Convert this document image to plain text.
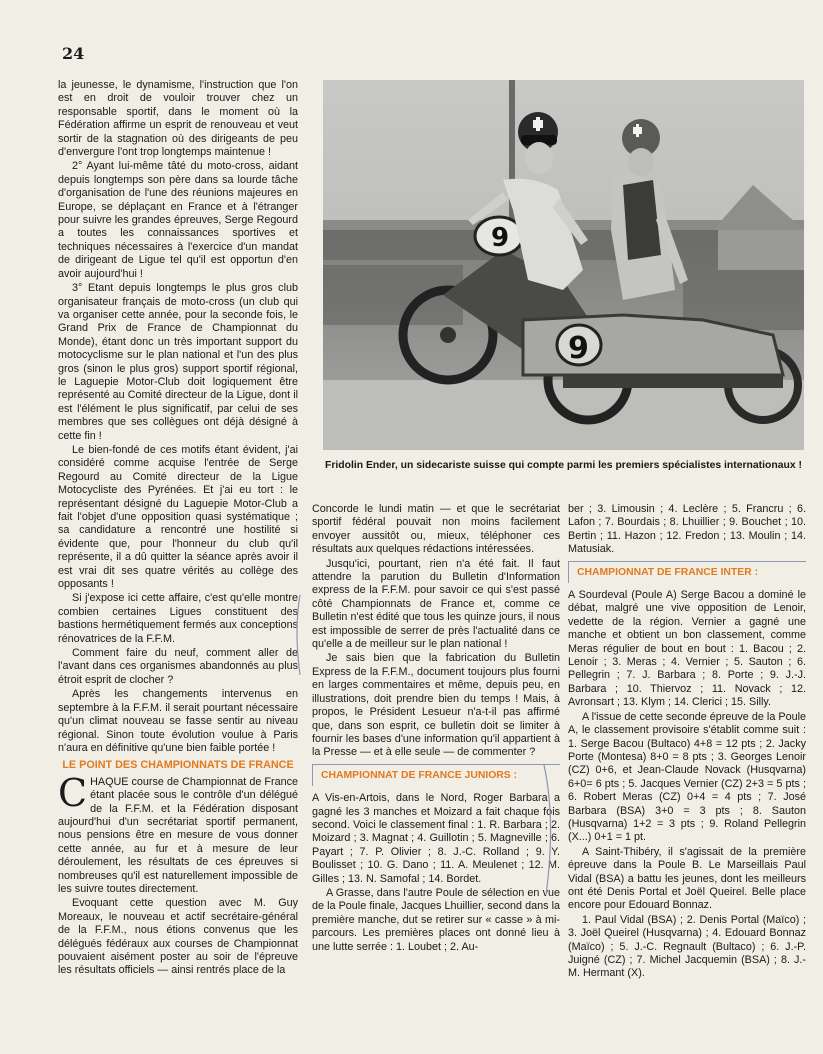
24

la jeunesse, le dynamisme, l'instruction que l'on est en droit de vouloir trouver chez un responsable sportif, dans le moment où la Fédération affirme un esprit de renouveau et veut sortir de la stagnation où des dirigeants de peu d'envergure l'ont trop longtemps maintenue !

2° Ayant lui-même tâté du moto-cross, aidant depuis longtemps son père dans sa lourde tâche d'organisation de l'une des réunions majeures en Europe, se déplaçant en France et à l'étranger pour suivre les grandes épreuves, Serge Regourd a toutes les connaissances sportives et techniques nécessaires à l'exercice d'un mandat de dirigeant de Ligue tel qu'il est opportun d'en avoir aujourd'hui !

3° Etant depuis longtemps le plus gros club organisateur français de moto-cross (un club qui va organiser cette année, pour la seconde fois, le Grand Prix de France de Championnat du Monde), étant donc un très important support du motocyclisme sur le plan national et l'un des plus gros (sinon le plus gros) support sportif régional, le Laguepie Motor-Club doit logiquement être représenté au Comité directeur de la Ligue, dont il est l'élément le plus significatif, par celui de ses membres que ses collègues ont déjà désigné à cette fin !

Le bien-fondé de ces motifs étant évident, j'ai considéré comme acquise l'entrée de Serge Regourd au Comité directeur de la Ligue Motocycliste des Pyrénées. Et j'ai eu tort : le représentant désigné du Laguepie Motor-Club a fait l'objet d'une opposition quasi systématique ; sa candidature a rencontré une hostilité si évidente que, pour l'honneur du club qu'il représente, il a dû quitter la séance après avoir il est vrai dit ses quatre vérités au collège des opposants !

Si j'expose ici cette affaire, c'est qu'elle montre combien certaines Ligues constituent des bastions hermétiquement fermés aux conceptions rénovatrices de la F.F.M.

Comment faire du neuf, comment aller de l'avant dans ces organismes abandonnés au plus étroit esprit de clocher ?

Après les changements intervenus en septembre à la F.F.M. il serait pourtant nécessaire qu'un climat nouveau se fasse sentir au niveau régional. Sinon toute évolution voulue à Paris n'aura en définitive qu'une bien faible portée !

LE POINT DES CHAMPIONNATS DE FRANCE

CHAQUE course de Championnat de France étant placée sous le contrôle d'un délégué de la F.F.M. et la Fédération disposant aujourd'hui d'un secrétariat sportif permanent, nous pensions être en mesure de vous donner cette année, au fur et à mesure de leur déroulement, les résultats de ces épreuves si nombreuses qu'il est naturellement impossible de les suivre toutes directement.

Evoquant cette question avec M. Guy Moreaux, le nouveau et actif secrétaire-général de la F.F.M., nous étions convenus que les délégués fédéraux aux courses de Championnat pouvaient aisément poster au soir de l'épreuve les résultats officiels — ainsi rentrés place de la

9
9
Fridolin Ender, un sidecariste suisse qui compte parmi les premiers spécialistes internationaux !

Concorde le lundi matin — et que le secrétariat sportif fédéral pouvait non moins facilement envoyer aussitôt ou, mieux, téléphoner ces résultats aux quelques rédactions intéressées.

Jusqu'ici, pourtant, rien n'a été fait. Il faut attendre la parution du Bulletin d'Information express de la F.F.M. pour savoir ce qui s'est passé côté Championnats de France et, comme ce Bulletin n'est édité que tous les quinze jours, il nous est impossible de serrer de près l'actualité dans ce qu'elle a de meilleur sur le plan national !

Je sais bien que la fabrication du Bulletin Express de la F.F.M., document toujours plus fourni en larges commentaires et même, depuis peu, en illustrations, doit prendre bien du temps ! Mais, à propos, le Président Lesueur n'a-t-il pas affirmé que, dans son esprit, ce bulletin doit se limiter à fournir les bases d'une information qu'il appartient à la Presse — et à elle seule — de commenter ?

CHAMPIONNAT DE FRANCE JUNIORS :

A Vis-en-Artois, dans le Nord, Roger Barbara a gagné les 3 manches et Moizard a fait chaque fois second. Voici le classement final : 1. R. Barbara ; 2. Moizard ; 3. Magnat ; 4. Guillotin ; 5. Magneville ; 6. Payart ; 7. P. Olivier ; 8. J.-C. Rolland ; 9. Y. Boulisset ; 10. G. Dano ; 11. A. Meulenet ; 12. M. Gilles ; 13. N. Samofal ; 14. Bordet.

A Grasse, dans l'autre Poule de sélection en vue de la Poule finale, Jacques Lhuillier, second dans la première manche, dut se retirer sur « casse » à mi-parcours. Les premières places ont donné lieu à une lutte serrée : 1. Loubet ; 2. Au-

ber ; 3. Limousin ; 4. Leclère ; 5. Francru ; 6. Lafon ; 7. Bourdais ; 8. Lhuillier ; 9. Bouchet ; 10. Bertin ; 11. Hazon ; 12. Fredon ; 13. Moulin ; 14. Matusiak.

CHAMPIONNAT DE FRANCE INTER :

A Sourdeval (Poule A) Serge Bacou a dominé le débat, malgré une vive opposition de Lenoir, vedette de la région. Vernier a gagné une manche et obtient un bon classement, comme Meras régulier de bout en bout : 1. Bacou ; 2. Lenoir ; 3. Meras ; 4. Vernier ; 5. Sauton ; 6. Pellegrin ; 7. J. Barbara ; 8. Porte ; 9. J.-J. Barbara ; 10. Thiervoz ; 11. Novack ; 12. Avronsart ; 13. Klym ; 14. Clerici ; 15. Silly.

A l'issue de cette seconde épreuve de la Poule A, le classement provisoire s'établit comme suit : 1. Serge Bacou (Bultaco) 4+8 = 12 pts ; 2. Jacky Porte (Montesa) 8+0 = 8 pts ; 3. Georges Lenoir (CZ) 0+6, et Jean-Claude Novack (Husqvarna) 6+0= 6 pts ; 5. Jacques Vernier (CZ) 2+3 = 5 pts ; 6. Robert Meras (CZ) 0+4 = 4 pts ; 7. José Barbara (BSA) 3+0 = 3 pts ; 8. Sauton (Husqvarna) 1+2 = 3 pts ; 9. Roland Pellegrin (X...) 0+1 = 1 pt.

A Saint-Thibéry, il s'agissait de la première épreuve dans la Poule B. Le Marseillais Paul Vidal (BSA) a battu les jeunes, dont les meilleurs ont été Denis Portal et Joël Queirel. Belle place encore pour Edouard Bonnaz.

1. Paul Vidal (BSA) ; 2. Denis Portal (Maïco) ; 3. Joël Queirel (Husqvarna) ; 4. Edouard Bonnaz (Maïco) ; 5. J.-C. Regnault (Bultaco) ; 6. J.-P. Juigné (CZ) ; 7. Michel Jacquemin (BSA) ; 8. J.-M. Hermant (X).
